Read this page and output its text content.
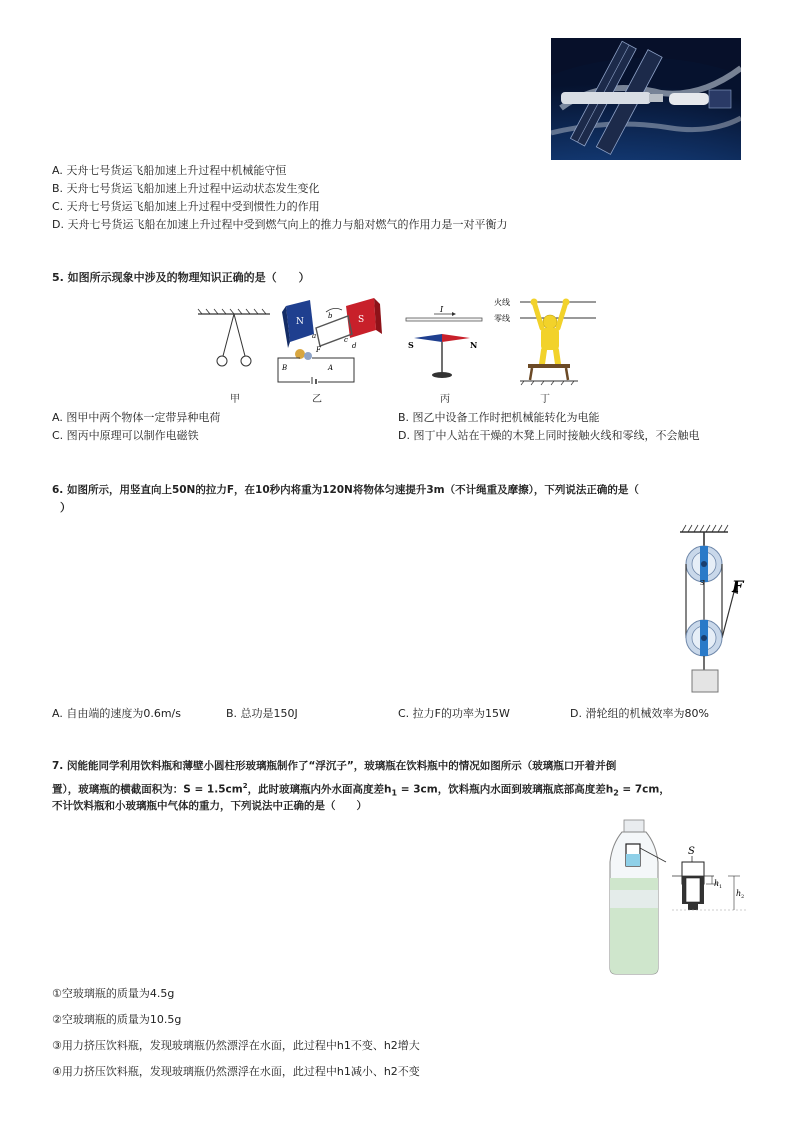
A. 天舟七号货运飞船加速上升过程中机械能守恒
B. 天舟七号货运飞船加速上升过程中运动状态发生变化
C. 天舟七号货运飞船加速上升过程中受到惯性力的作用
D. 天舟七号货运飞船在加速上升过程中受到燃气向上的推力与船对燃气的作用力是一对平衡力
5. 如图所示现象中涉及的物理知识正确的是（　　）
甲
N	S
b
c
d
a
F
B	A
乙
I
S	N
丙
火线
零线
丁
A. 图甲中两个物体一定带异种电荷	B. 图乙中设备工作时把机械能转化为电能
C. 图丙中原理可以制作电磁铁	D. 图丁中人站在干燥的木凳上同时接触火线和零线，不会触电
6. 如图所示，用竖直向上50N的拉力F，在10秒内将重为120N将物体匀速提升3m（不计绳重及摩擦），下列说法正确的是（
）
S F
A. 自由端的速度为0.6m/s	B. 总功是150J	C. 拉力F的功率为15W	D. 滑轮组的机械效率为80%
7. 闵能能同学利用饮料瓶和薄壁小圆柱形玻璃瓶制作了“浮沉子”，玻璃瓶在饮料瓶中的情况如图所示（玻璃瓶口开着并倒
置），玻璃瓶的横截面积为：$S = 1.5cm^2$，此时玻璃瓶内外水面高度差$h_1 = 3cm$，饮料瓶内水面到玻璃瓶底部高度差$h_2 = 7cm$，
不计饮料瓶和小玻璃瓶中气体的重力，下列说法中正确的是（　　）
S
h 1
h 2
①空玻璃瓶的质量为4.5g
②空玻璃瓶的质量为10.5g
③用力挤压饮料瓶，发现玻璃瓶仍然漂浮在水面，此过程中h1不变、h2增大
④用力挤压饮料瓶，发现玻璃瓶仍然漂浮在水面，此过程中h1减小、h2不变
